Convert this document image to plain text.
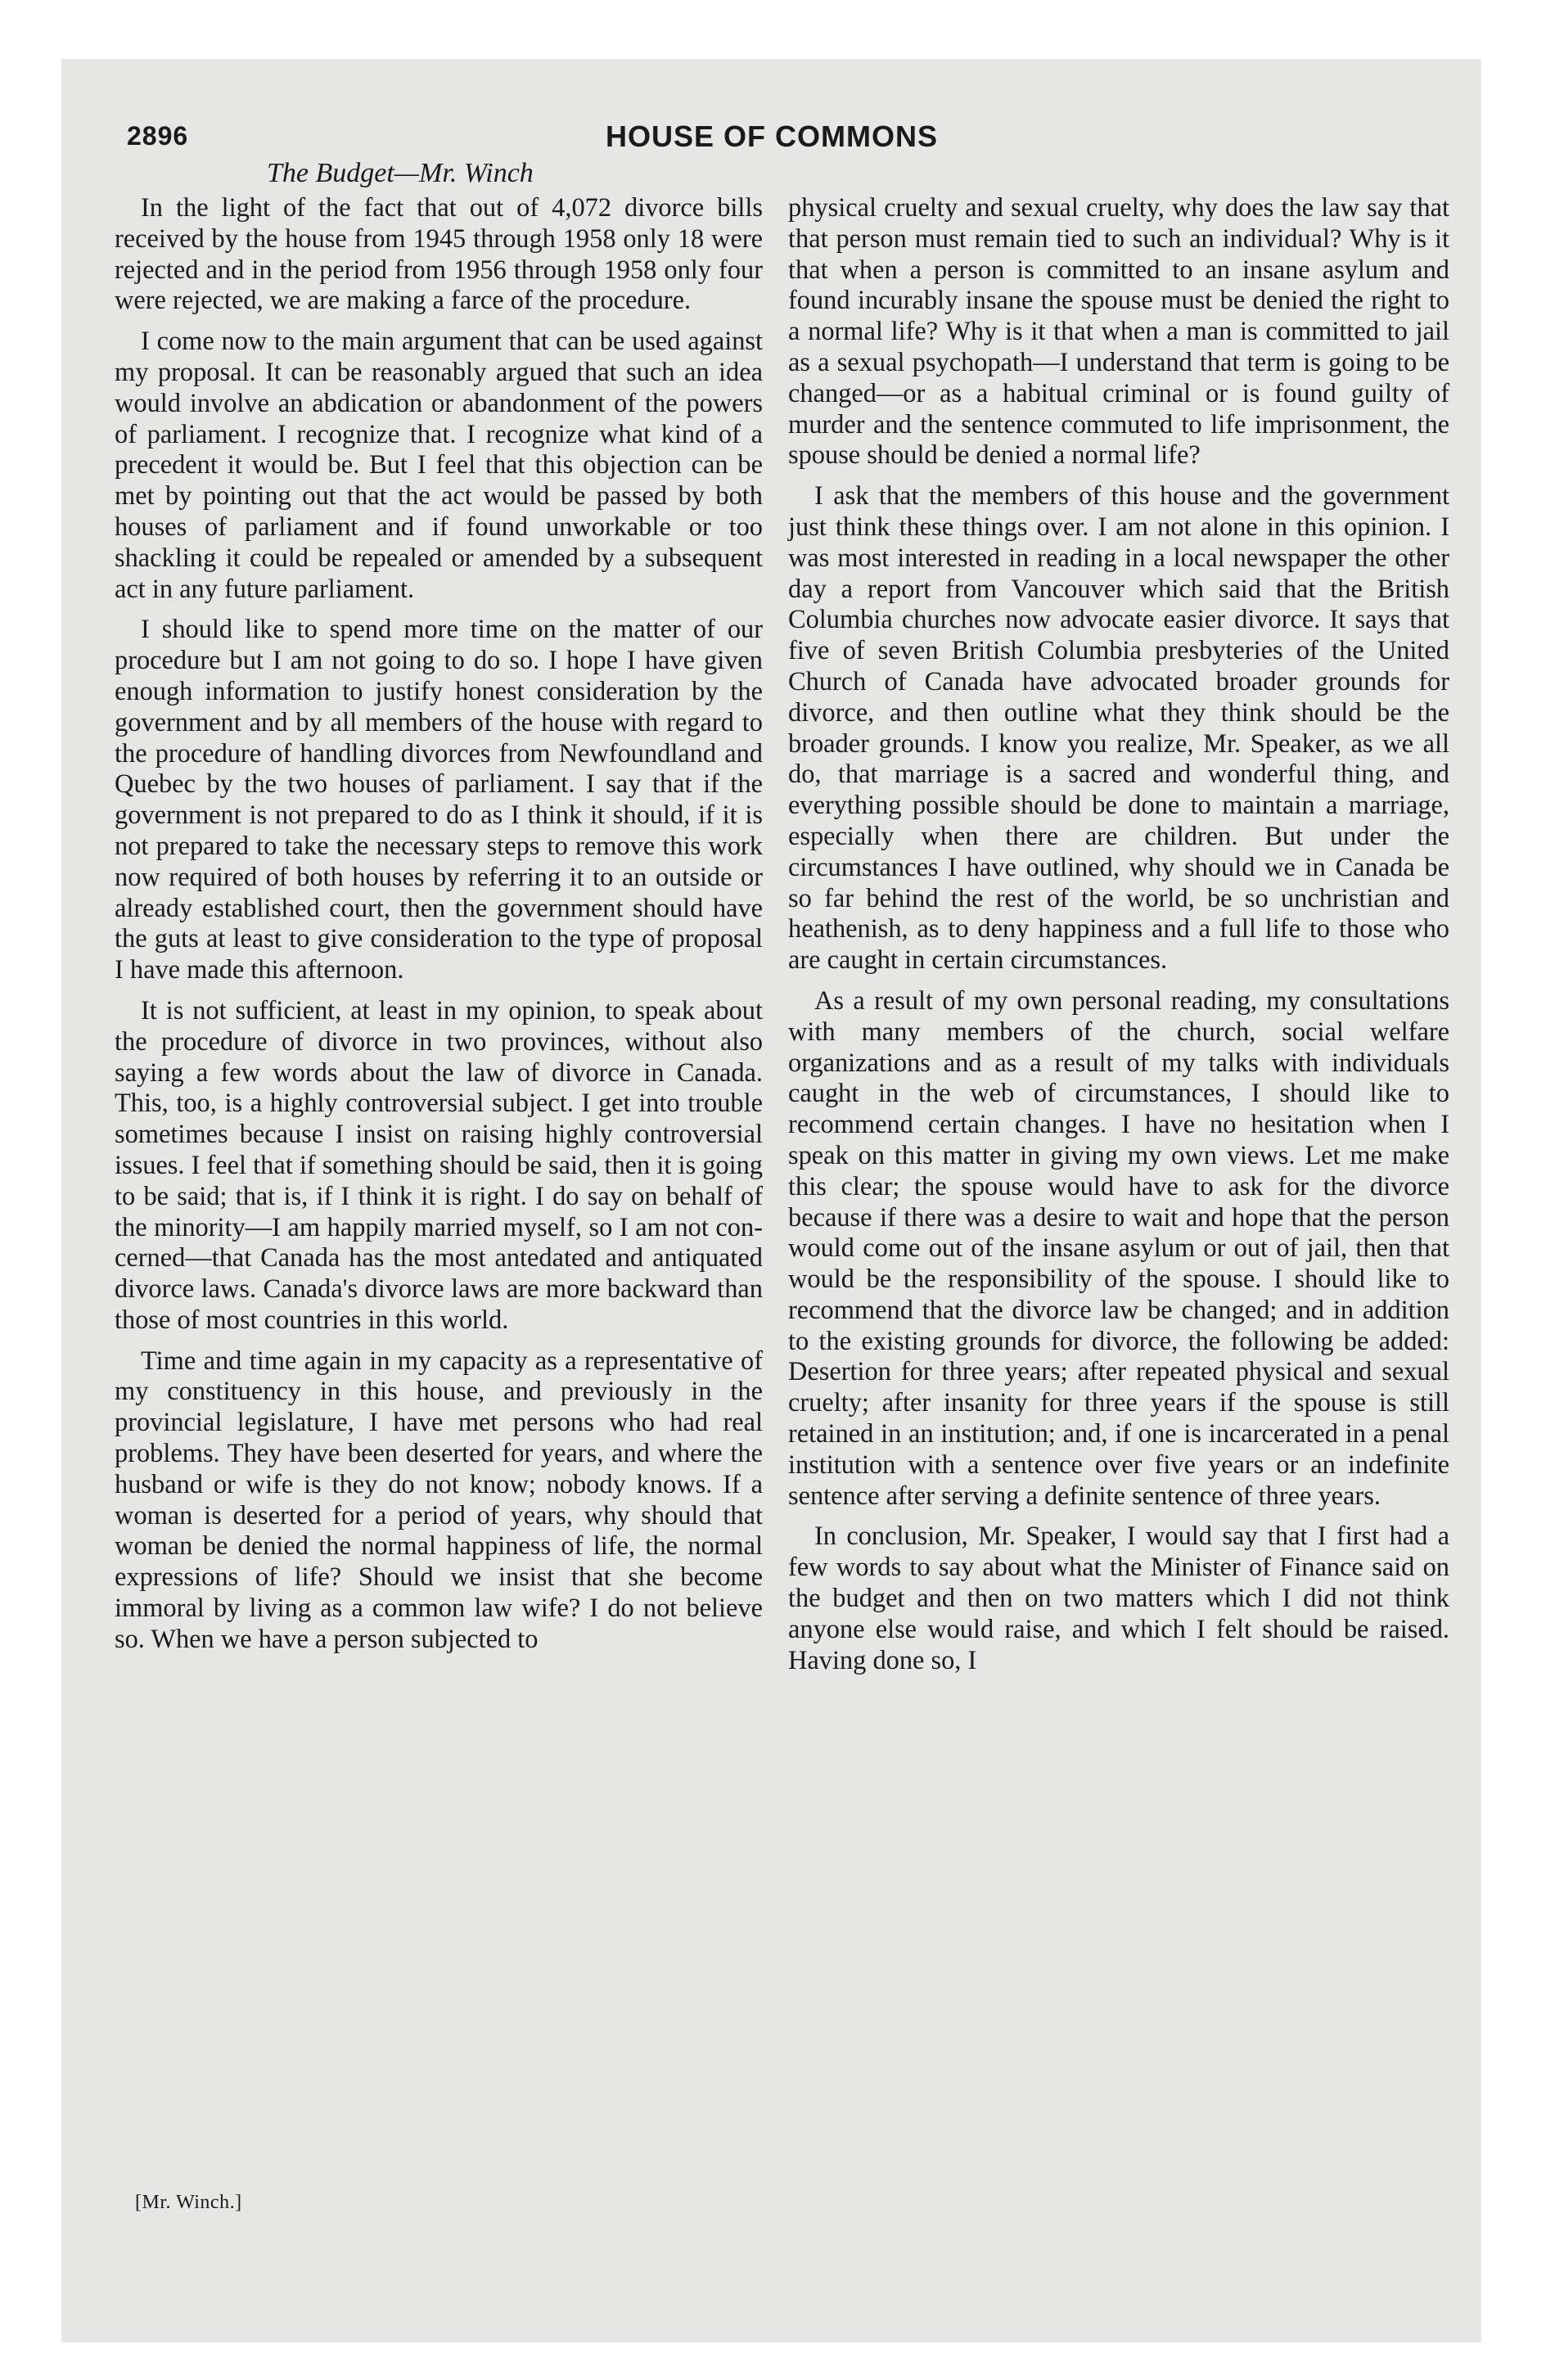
2896	HOUSE OF COMMONS
The Budget—Mr. Winch

In the light of the fact that out of 4,072 divorce bills received by the house from 1945 through 1958 only 18 were rejected and in the period from 1956 through 1958 only four were rejected, we are making a farce of the procedure.

I come now to the main argument that can be used against my proposal. It can be reasonably argued that such an idea would involve an abdication or abandonment of the powers of parliament. I recognize that. I recognize what kind of a precedent it would be. But I feel that this objection can be met by pointing out that the act would be passed by both houses of parliament and if found unworkable or too shackling it could be repealed or amended by a subsequent act in any future parliament.

I should like to spend more time on the matter of our procedure but I am not going to do so. I hope I have given enough information to justify honest consideration by the government and by all members of the house with regard to the procedure of handling divorces from Newfoundland and Quebec by the two houses of parliament. I say that if the government is not prepared to do as I think it should, if it is not prepared to take the necessary steps to remove this work now required of both houses by referring it to an outside or already established court, then the government should have the guts at least to give consideration to the type of proposal I have made this afternoon.

It is not sufficient, at least in my opinion, to speak about the procedure of divorce in two provinces, without also saying a few words about the law of divorce in Canada. This, too, is a highly controversial subject. I get into trouble sometimes because I insist on raising highly controversial issues. I feel that if something should be said, then it is going to be said; that is, if I think it is right. I do say on behalf of the minority—I am happily married myself, so I am not concerned—that Canada has the most antedated and antiquated divorce laws. Canada's divorce laws are more backward than those of most countries in this world.

Time and time again in my capacity as a representative of my constituency in this house, and previously in the provincial legislature, I have met persons who had real problems. They have been deserted for years, and where the husband or wife is they do not know; nobody knows. If a woman is deserted for a period of years, why should that woman be denied the normal happiness of life, the normal expressions of life? Should we insist that she become immoral by living as a common law wife? I do not believe so. When we have a person subjected to

physical cruelty and sexual cruelty, why does the law say that that person must remain tied to such an individual? Why is it that when a person is committed to an insane asylum and found incurably insane the spouse must be denied the right to a normal life? Why is it that when a man is committed to jail as a sexual psychopath—I understand that term is going to be changed—or as a habitual criminal or is found guilty of murder and the sentence commuted to life imprisonment, the spouse should be denied a normal life?

I ask that the members of this house and the government just think these things over. I am not alone in this opinion. I was most interested in reading in a local newspaper the other day a report from Vancouver which said that the British Columbia churches now advocate easier divorce. It says that five of seven British Columbia presbyteries of the United Church of Canada have advocated broader grounds for divorce, and then outline what they think should be the broader grounds. I know you realize, Mr. Speaker, as we all do, that marriage is a sacred and wonderful thing, and everything possible should be done to maintain a marriage, especially when there are children. But under the circumstances I have outlined, why should we in Canada be so far behind the rest of the world, be so unchristian and heathenish, as to deny happiness and a full life to those who are caught in certain circumstances.

As a result of my own personal reading, my consultations with many members of the church, social welfare organizations and as a result of my talks with individuals caught in the web of circumstances, I should like to recommend certain changes. I have no hesitation when I speak on this matter in giving my own views. Let me make this clear; the spouse would have to ask for the divorce because if there was a desire to wait and hope that the person would come out of the insane asylum or out of jail, then that would be the responsibility of the spouse. I should like to recommend that the divorce law be changed; and in addition to the existing grounds for divorce, the following be added: Desertion for three years; after repeated physical and sexual cruelty; after insanity for three years if the spouse is still retained in an institution; and, if one is incarcerated in a penal institution with a sentence over five years or an indefinite sentence after serving a definite sentence of three years.

In conclusion, Mr. Speaker, I would say that I first had a few words to say about what the Minister of Finance said on the budget and then on two matters which I did not think anyone else would raise, and which I felt should be raised. Having done so, I

[Mr. Winch.]
